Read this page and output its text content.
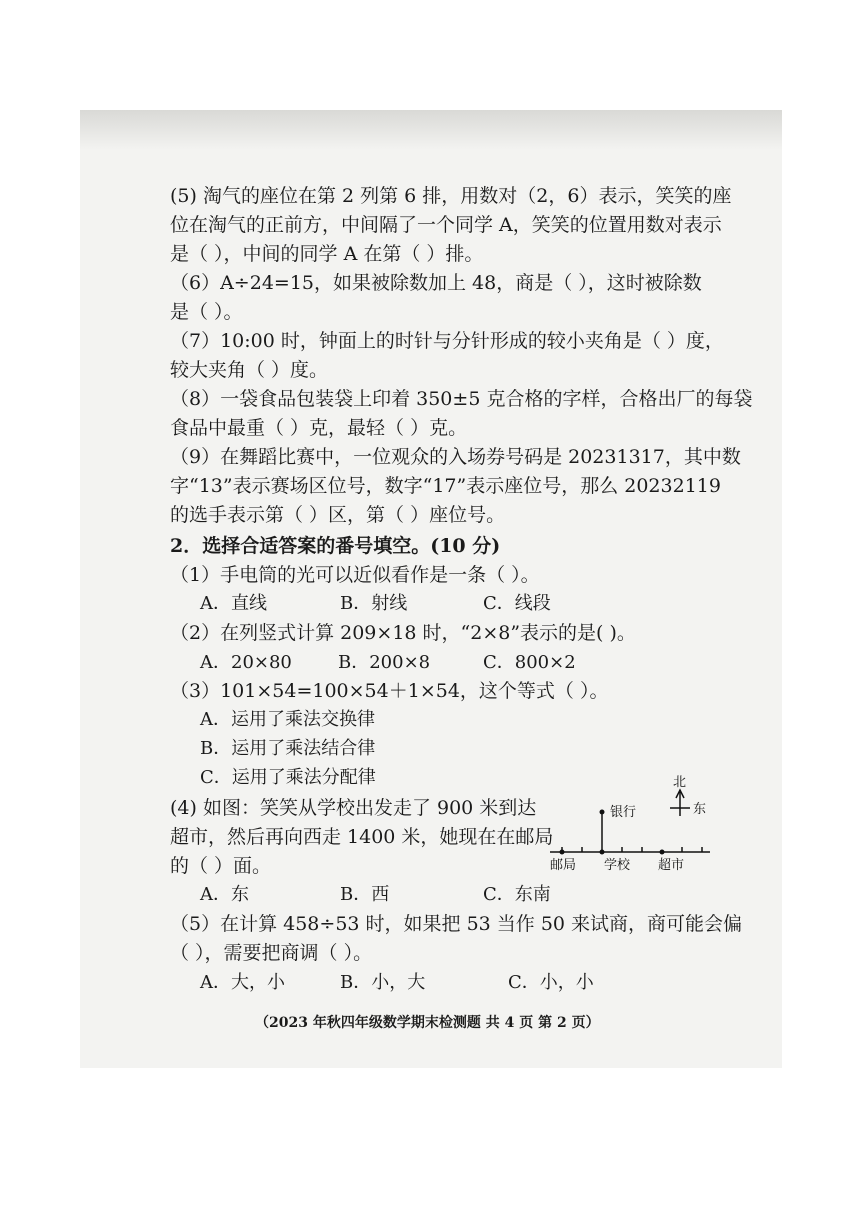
(5) 淘气的座位在第 2 列第 6 排，用数对（2，6）表示，笑笑的座
位在淘气的正前方，中间隔了一个同学 A，笑笑的位置用数对表示
是（ ），中间的同学 A 在第（ ）排。
（6）A÷24=15，如果被除数加上 48，商是（ ），这时被除数
是（ ）。
（7）10:00 时，钟面上的时针与分针形成的较小夹角是（ ）度，
较大夹角（ ）度。
（8）一袋食品包装袋上印着 350±5 克合格的字样，合格出厂的每袋
食品中最重（ ）克，最轻（ ）克。
（9）在舞蹈比赛中，一位观众的入场券号码是 20231317，其中数
字“13”表示赛场区位号，数字“17”表示座位号，那么 20232119
的选手表示第（ ）区，第（ ）座位号。
2．选择合适答案的番号填空。(10 分)
（1）手电筒的光可以近似看作是一条（ ）。
A．直线	B．射线	C．线段
（2）在列竖式计算 209×18 时，“2×8”表示的是( )。
A．20×80	B．200×8	C．800×2
（3）101×54=100×54＋1×54，这个等式（ ）。
A．运用了乘法交换律
B．运用了乘法结合律
C．运用了乘法分配律
(4) 如图：笑笑从学校出发走了 900 米到达
超市，然后再向西走 1400 米，她现在在邮局
的（ ）面。
北
东
银行
邮局 学校 超市
A．东	B．西	C．东南
（5）在计算 458÷53 时，如果把 53 当作 50 来试商，商可能会偏
（ ），需要把商调（ ）。
A．大，小	B．小，大	C．小，小
（2023 年秋四年级数学期末检测题 共 4 页 第 2 页）
